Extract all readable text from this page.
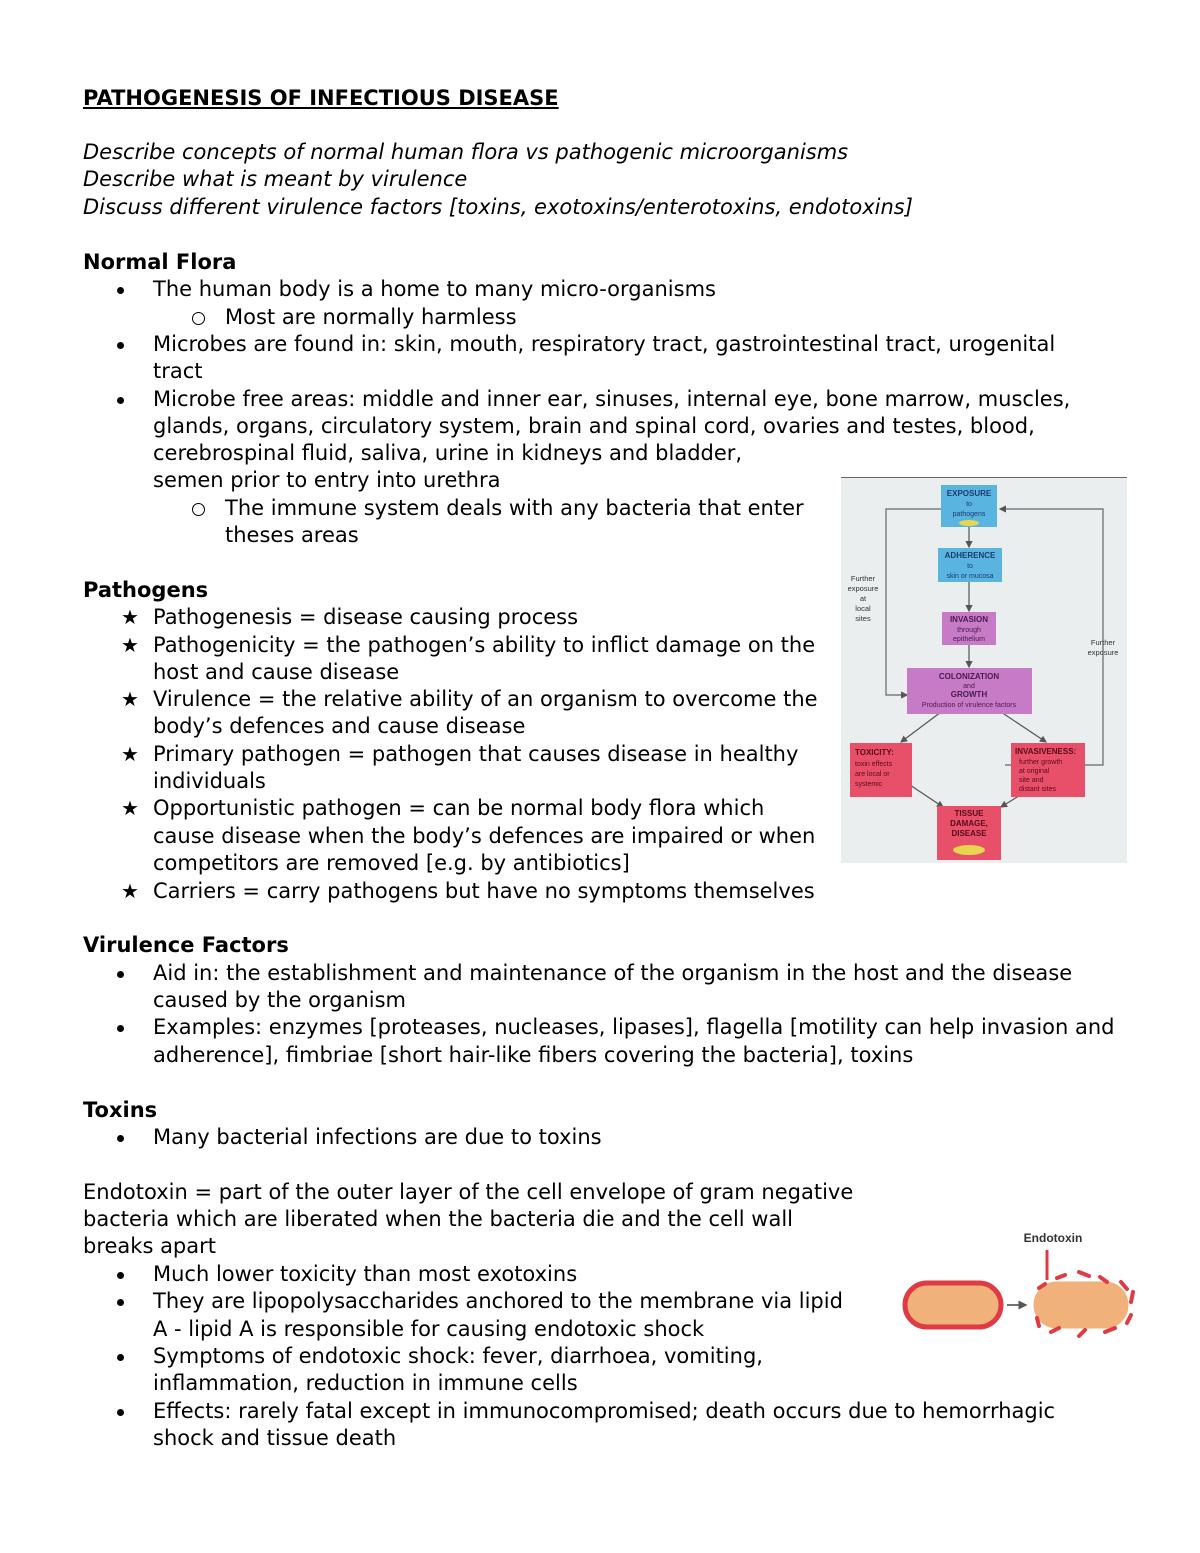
PATHOGENESIS OF INFECTIOUS DISEASE
Describe concepts of normal human flora vs pathogenic microorganisms
Describe what is meant by virulence
Discuss different virulence factors [toxins, exotoxins/enterotoxins, endotoxins]
Normal Flora
The human body is a home to many micro-organisms
Most are normally harmless
Microbes are found in: skin, mouth, respiratory tract, gastrointestinal tract, urogenital
tract
Microbe free areas: middle and inner ear, sinuses, internal eye, bone marrow, muscles,
glands, organs, circulatory system, brain and spinal cord, ovaries and testes, blood,
cerebrospinal fluid, saliva, urine in kidneys and bladder,
semen prior to entry into urethra
The immune system deals with any bacteria that enter
theses areas
Pathogens
★ Pathogenesis = disease causing process
★ Pathogenicity = the pathogen’s ability to inflict damage on the
host and cause disease
★ Virulence = the relative ability of an organism to overcome the
body’s defences and cause disease
★ Primary pathogen = pathogen that causes disease in healthy
individuals
★ Opportunistic pathogen = can be normal body flora which
cause disease when the body’s defences are impaired or when
competitors are removed [e.g. by antibiotics]
★ Carriers = carry pathogens but have no symptoms themselves
Virulence Factors
Aid in: the establishment and maintenance of the organism in the host and the disease
caused by the organism
Examples: enzymes [proteases, nucleases, lipases], flagella [motility can help invasion and
adherence], fimbriae [short hair-like fibers covering the bacteria], toxins
Toxins
Many bacterial infections are due to toxins
Endotoxin = part of the outer layer of the cell envelope of gram negative
bacteria which are liberated when the bacteria die and the cell wall
breaks apart
Much lower toxicity than most exotoxins
They are lipopolysaccharides anchored to the membrane via lipid
A - lipid A is responsible for causing endotoxic shock
Symptoms of endotoxic shock: fever, diarrhoea, vomiting,
inflammation, reduction in immune cells
Effects: rarely fatal except in immunocompromised; death occurs due to hemorrhagic
shock and tissue death
EXPOSURE
to
pathogens
ADHERENCE
to
skin or mucosa
INVASION
through
epithelium
COLONIZATION
and
GROWTH
Production of virulence factors
TOXICITY:
toxin effects
are local or
systemic
INVASIVENESS:
further growth
at original
site and
distant sites
TISSUE
DAMAGE,
DISEASE
Further
exposure
at
local
sites
Further
exposure
Endotoxin
